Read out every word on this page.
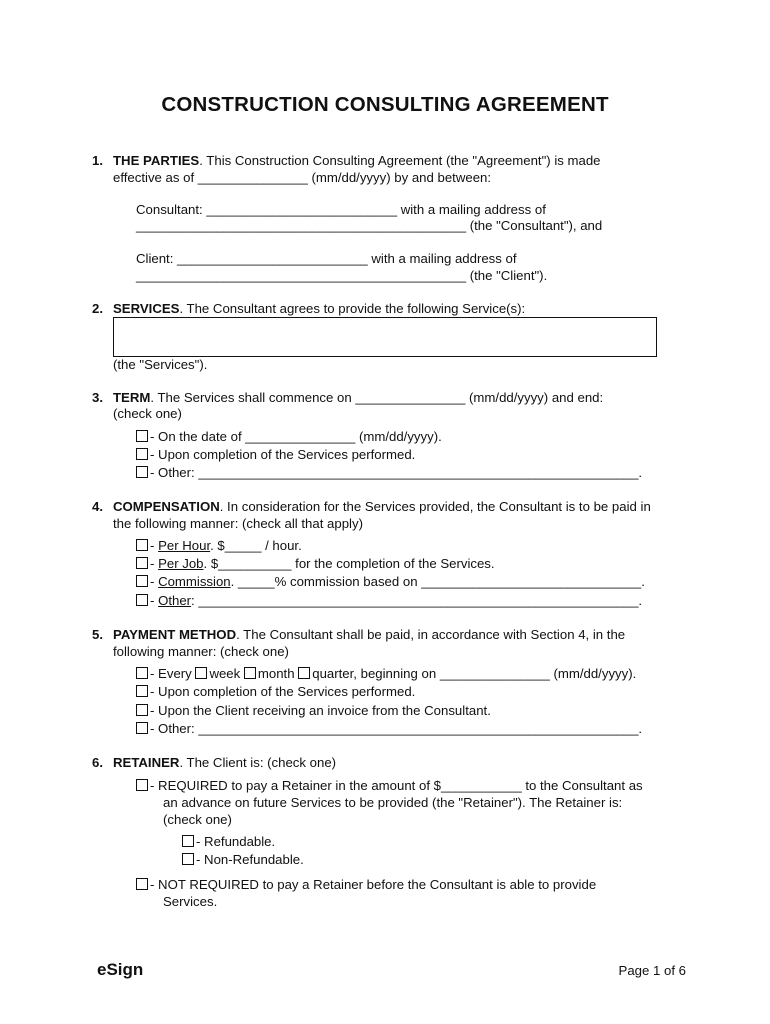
CONSTRUCTION CONSULTING AGREEMENT
1. THE PARTIES. This Construction Consulting Agreement (the "Agreement") is made
effective as of _______________ (mm/dd/yyyy) by and between:
Consultant: __________________________ with a mailing address of
_____________________________________________ (the "Consultant"), and
Client: __________________________ with a mailing address of
_____________________________________________ (the "Client").
2. SERVICES. The Consultant agrees to provide the following Service(s):
(the "Services").
3. TERM. The Services shall commence on _______________ (mm/dd/yyyy) and end:
(check one)
- On the date of _______________ (mm/dd/yyyy).
- Upon completion of the Services performed.
- Other: ____________________________________________________________.
4. COMPENSATION. In consideration for the Services provided, the Consultant is to be paid in
the following manner: (check all that apply)
- Per Hour. $_____ / hour.
- Per Job. $__________ for the completion of the Services.
- Commission. _____% commission based on ______________________________.
- Other: ____________________________________________________________.
5. PAYMENT METHOD. The Consultant shall be paid, in accordance with Section 4, in the
following manner: (check one)
- Every week month quarter, beginning on _______________ (mm/dd/yyyy).
- Upon completion of the Services performed.
- Upon the Client receiving an invoice from the Consultant.
- Other: ____________________________________________________________.
6. RETAINER. The Client is: (check one)
- REQUIRED to pay a Retainer in the amount of $___________ to the Consultant as
an advance on future Services to be provided (the "Retainer"). The Retainer is:
(check one)
- Refundable.
- Non-Refundable.
- NOT REQUIRED to pay a Retainer before the Consultant is able to provide
Services.
eSign	Page 1 of 6
